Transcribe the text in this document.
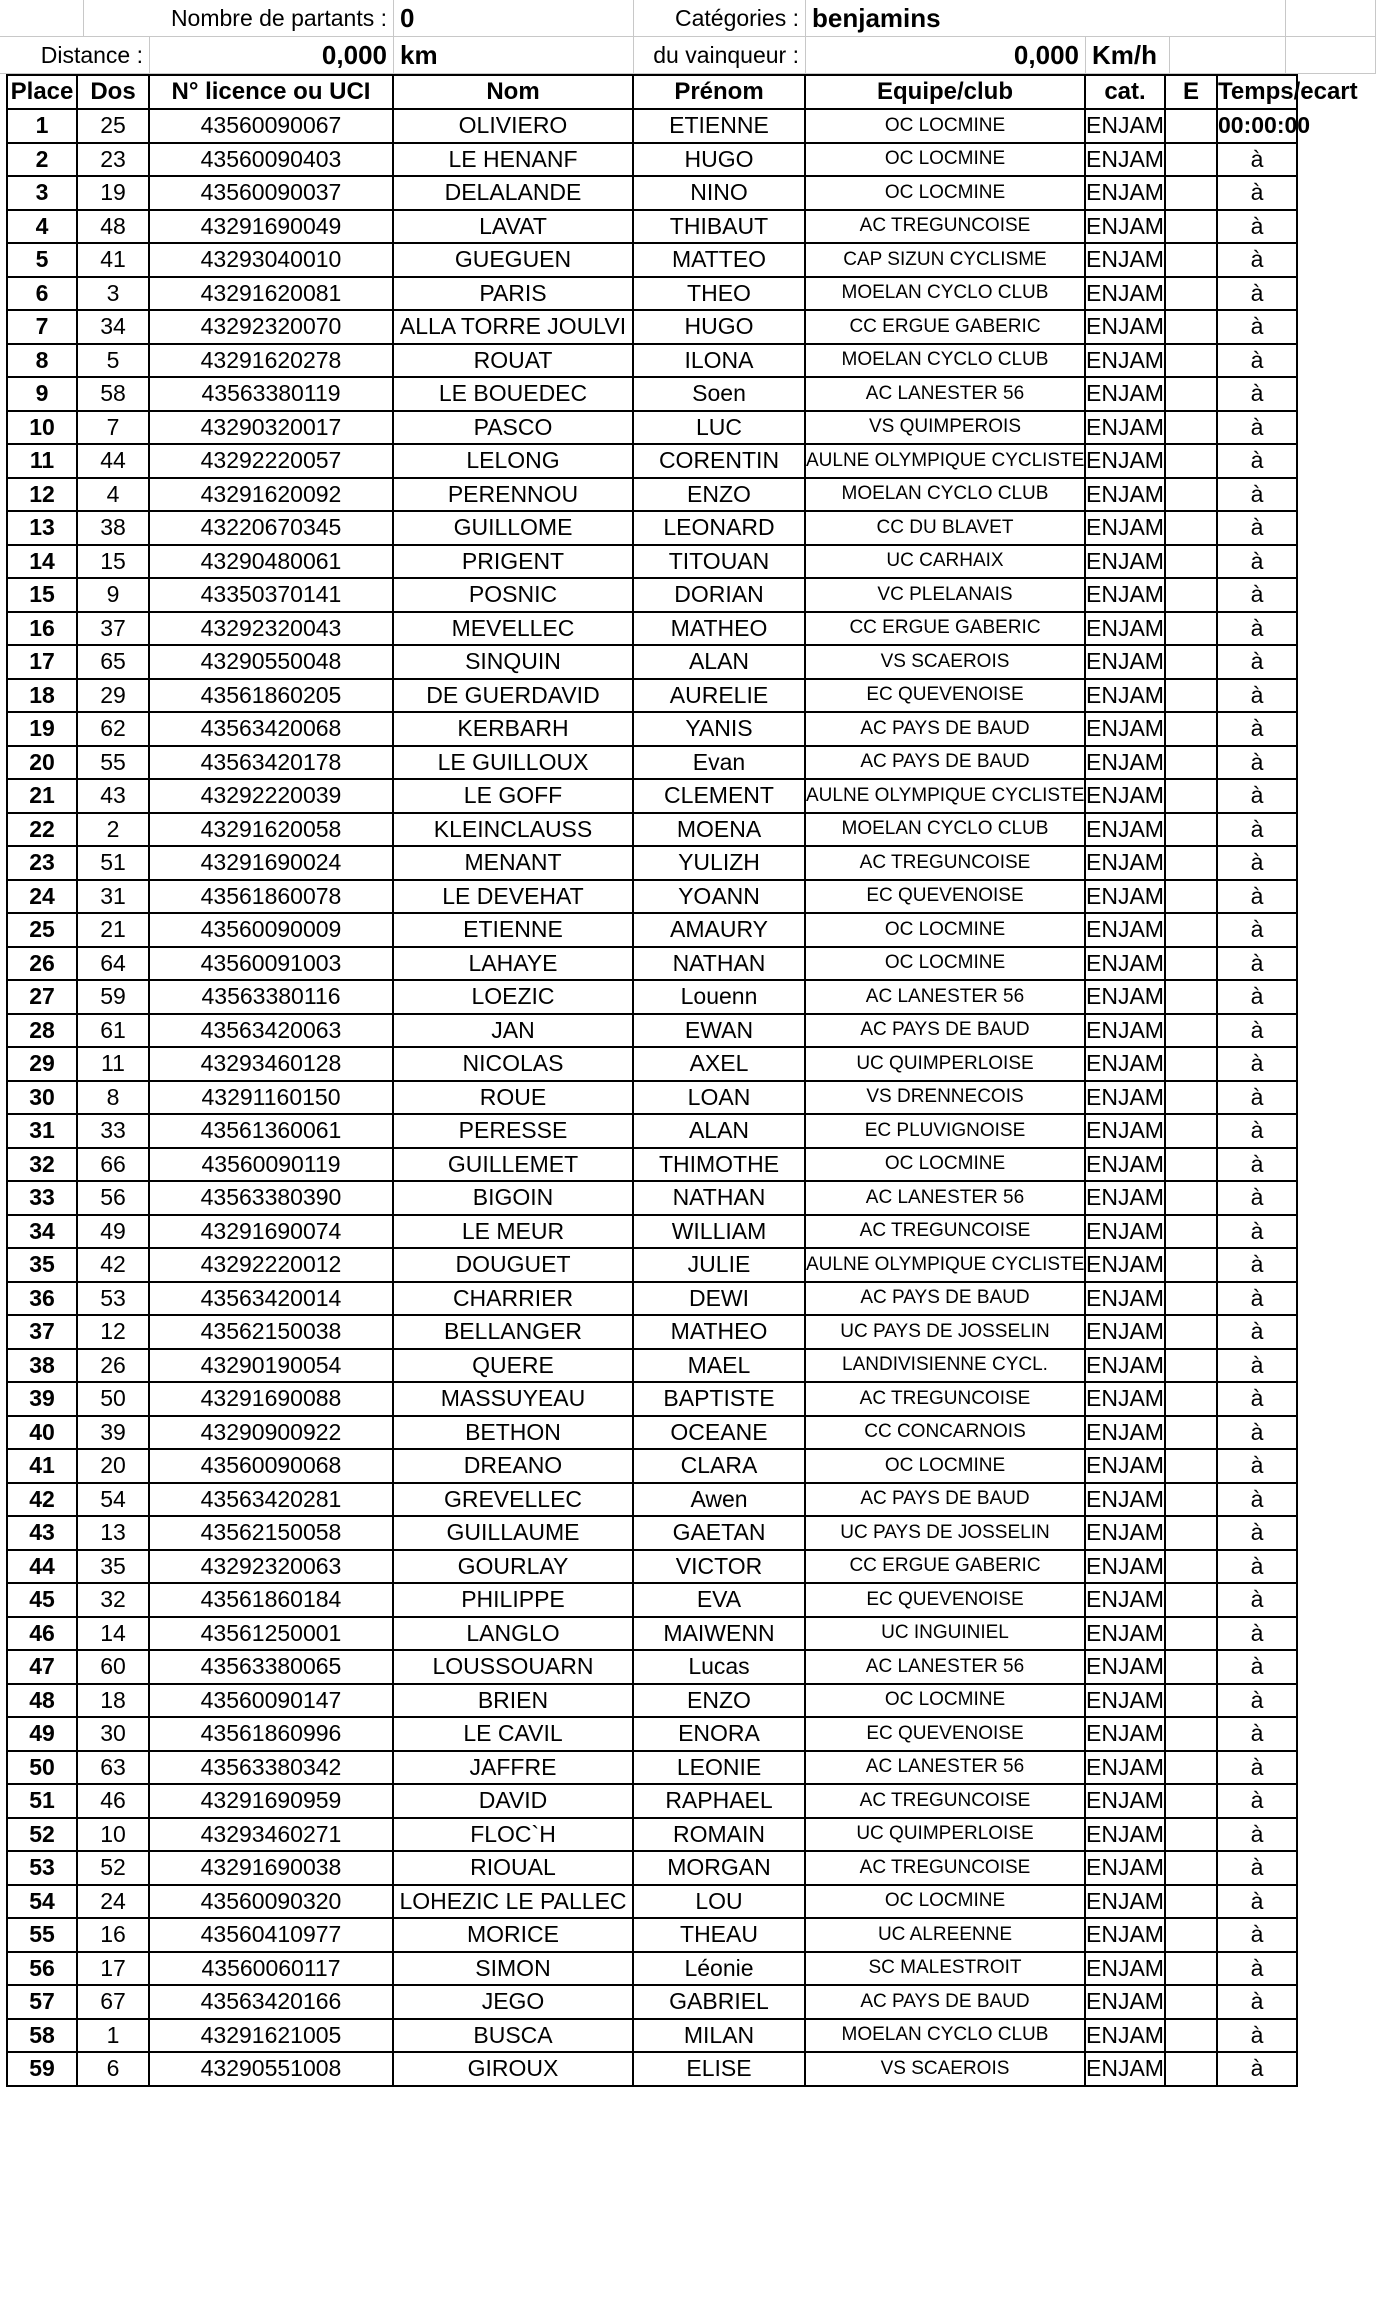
Nombre de partants : 0	Catégories : benjamins
Distance :	0,000 km	du vainqueur :	0,000 Km/h
Place	Dos	N° licence ou UCI	Nom	Prénom	Equipe/club	cat.	E	Temps/ecart
1	25	43560090067	OLIVIERO	ETIENNE	OC LOCMINE	ENJAM		00:00:00
2	23	43560090403	LE HENANF	HUGO	OC LOCMINE	ENJAM		à
3	19	43560090037	DELALANDE	NINO	OC LOCMINE	ENJAM		à
4	48	43291690049	LAVAT	THIBAUT	AC TREGUNCOISE	ENJAM		à
5	41	43293040010	GUEGUEN	MATTEO	CAP SIZUN CYCLISME	ENJAM		à
6	3	43291620081	PARIS	THEO	MOELAN CYCLO CLUB	ENJAM		à
7	34	43292320070	ALLA TORRE JOULVI	HUGO	CC ERGUE GABERIC	ENJAM		à
8	5	43291620278	ROUAT	ILONA	MOELAN CYCLO CLUB	ENJAM		à
9	58	43563380119	LE BOUEDEC	Soen	AC LANESTER 56	ENJAM		à
10	7	43290320017	PASCO	LUC	VS QUIMPEROIS	ENJAM		à
11	44	43292220057	LELONG	CORENTIN	AULNE OLYMPIQUE CYCLISTE	ENJAM		à
12	4	43291620092	PERENNOU	ENZO	MOELAN CYCLO CLUB	ENJAM		à
13	38	43220670345	GUILLOME	LEONARD	CC DU BLAVET	ENJAM		à
14	15	43290480061	PRIGENT	TITOUAN	UC CARHAIX	ENJAM		à
15	9	43350370141	POSNIC	DORIAN	VC PLELANAIS	ENJAM		à
16	37	43292320043	MEVELLEC	MATHEO	CC ERGUE GABERIC	ENJAM		à
17	65	43290550048	SINQUIN	ALAN	VS SCAEROIS	ENJAM		à
18	29	43561860205	DE GUERDAVID	AURELIE	EC QUEVENOISE	ENJAM		à
19	62	43563420068	KERBARH	YANIS	AC PAYS DE BAUD	ENJAM		à
20	55	43563420178	LE GUILLOUX	Evan	AC PAYS DE BAUD	ENJAM		à
21	43	43292220039	LE GOFF	CLEMENT	AULNE OLYMPIQUE CYCLISTE	ENJAM		à
22	2	43291620058	KLEINCLAUSS	MOENA	MOELAN CYCLO CLUB	ENJAM		à
23	51	43291690024	MENANT	YULIZH	AC TREGUNCOISE	ENJAM		à
24	31	43561860078	LE DEVEHAT	YOANN	EC QUEVENOISE	ENJAM		à
25	21	43560090009	ETIENNE	AMAURY	OC LOCMINE	ENJAM		à
26	64	43560091003	LAHAYE	NATHAN	OC LOCMINE	ENJAM		à
27	59	43563380116	LOEZIC	Louenn	AC LANESTER 56	ENJAM		à
28	61	43563420063	JAN	EWAN	AC PAYS DE BAUD	ENJAM		à
29	11	43293460128	NICOLAS	AXEL	UC QUIMPERLOISE	ENJAM		à
30	8	43291160150	ROUE	LOAN	VS DRENNECOIS	ENJAM		à
31	33	43561360061	PERESSE	ALAN	EC PLUVIGNOISE	ENJAM		à
32	66	43560090119	GUILLEMET	THIMOTHE	OC LOCMINE	ENJAM		à
33	56	43563380390	BIGOIN	NATHAN	AC LANESTER 56	ENJAM		à
34	49	43291690074	LE MEUR	WILLIAM	AC TREGUNCOISE	ENJAM		à
35	42	43292220012	DOUGUET	JULIE	AULNE OLYMPIQUE CYCLISTE	ENJAM		à
36	53	43563420014	CHARRIER	DEWI	AC PAYS DE BAUD	ENJAM		à
37	12	43562150038	BELLANGER	MATHEO	UC PAYS DE JOSSELIN	ENJAM		à
38	26	43290190054	QUERE	MAEL	LANDIVISIENNE CYCL.	ENJAM		à
39	50	43291690088	MASSUYEAU	BAPTISTE	AC TREGUNCOISE	ENJAM		à
40	39	43290900922	BETHON	OCEANE	CC CONCARNOIS	ENJAM		à
41	20	43560090068	DREANO	CLARA	OC LOCMINE	ENJAM		à
42	54	43563420281	GREVELLEC	Awen	AC PAYS DE BAUD	ENJAM		à
43	13	43562150058	GUILLAUME	GAETAN	UC PAYS DE JOSSELIN	ENJAM		à
44	35	43292320063	GOURLAY	VICTOR	CC ERGUE GABERIC	ENJAM		à
45	32	43561860184	PHILIPPE	EVA	EC QUEVENOISE	ENJAM		à
46	14	43561250001	LANGLO	MAIWENN	UC INGUINIEL	ENJAM		à
47	60	43563380065	LOUSSOUARN	Lucas	AC LANESTER 56	ENJAM		à
48	18	43560090147	BRIEN	ENZO	OC LOCMINE	ENJAM		à
49	30	43561860996	LE CAVIL	ENORA	EC QUEVENOISE	ENJAM		à
50	63	43563380342	JAFFRE	LEONIE	AC LANESTER 56	ENJAM		à
51	46	43291690959	DAVID	RAPHAEL	AC TREGUNCOISE	ENJAM		à
52	10	43293460271	FLOC`H	ROMAIN	UC QUIMPERLOISE	ENJAM		à
53	52	43291690038	RIOUAL	MORGAN	AC TREGUNCOISE	ENJAM		à
54	24	43560090320	LOHEZIC LE PALLEC	LOU	OC LOCMINE	ENJAM		à
55	16	43560410977	MORICE	THEAU	UC ALREENNE	ENJAM		à
56	17	43560060117	SIMON	Léonie	SC MALESTROIT	ENJAM		à
57	67	43563420166	JEGO	GABRIEL	AC PAYS DE BAUD	ENJAM		à
58	1	43291621005	BUSCA	MILAN	MOELAN CYCLO CLUB	ENJAM		à
59	6	43290551008	GIROUX	ELISE	VS SCAEROIS	ENJAM		à
